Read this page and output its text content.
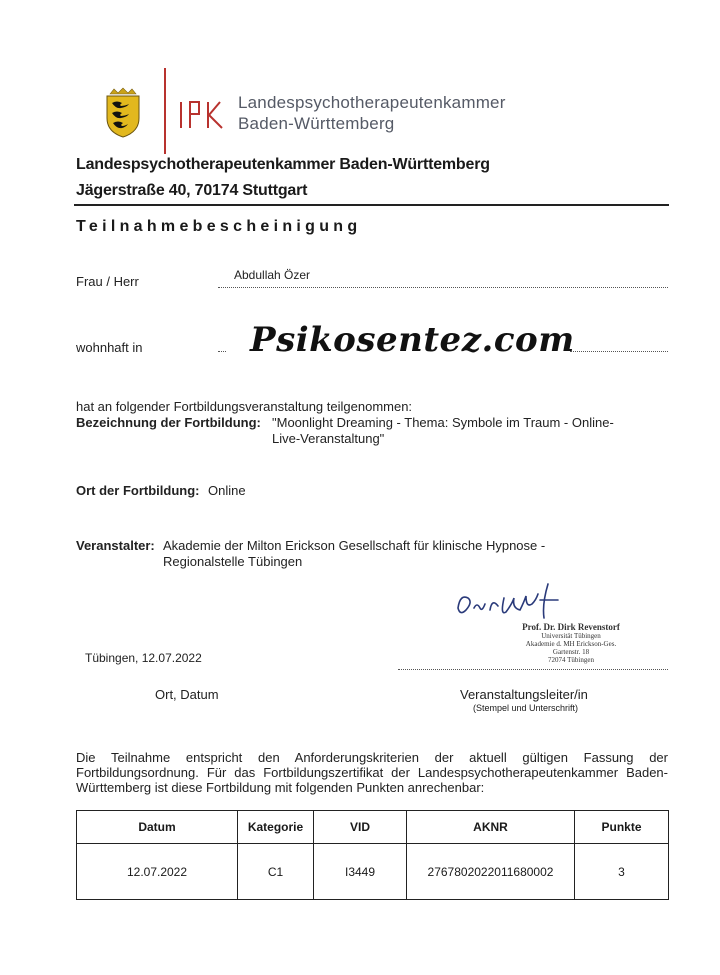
Landespsychotherapeutenkammer
Baden-Württemberg
Landespsychotherapeutenkammer Baden-Württemberg
Jägerstraße 40, 70174 Stuttgart
Teilnahmebescheinigung
Frau / Herr	Abdullah Özer
wohnhaft in	Psikosentez.com
hat an folgender Fortbildungsveranstaltung teilgenommen:
Bezeichnung der Fortbildung: "Moonlight Dreaming - Thema: Symbole im Traum - Online-
Live-Veranstaltung"
Ort der Fortbildung: Online
Veranstalter: Akademie der Milton Erickson Gesellschaft für klinische Hypnose -
Regionalstelle Tübingen
Prof. Dr. Dirk Revenstorf
Universität Tübingen
Akademie d. MH Erickson-Ges.
Gartenstr. 18
72074 Tübingen
Tübingen, 12.07.2022
Ort, Datum	Veranstaltungsleiter/in
(Stempel und Unterschrift)
Die Teilnahme entspricht den Anforderungskriterien der aktuell gültigen Fassung der Fortbildungsordnung. Für das Fortbildungszertifikat der Landespsychotherapeutenkammer Baden-Württemberg ist diese Fortbildung mit folgenden Punkten anrechenbar:
Datum	Kategorie	VID	AKNR	Punkte
12.07.2022	C1	I3449	2767802022011680002	3
